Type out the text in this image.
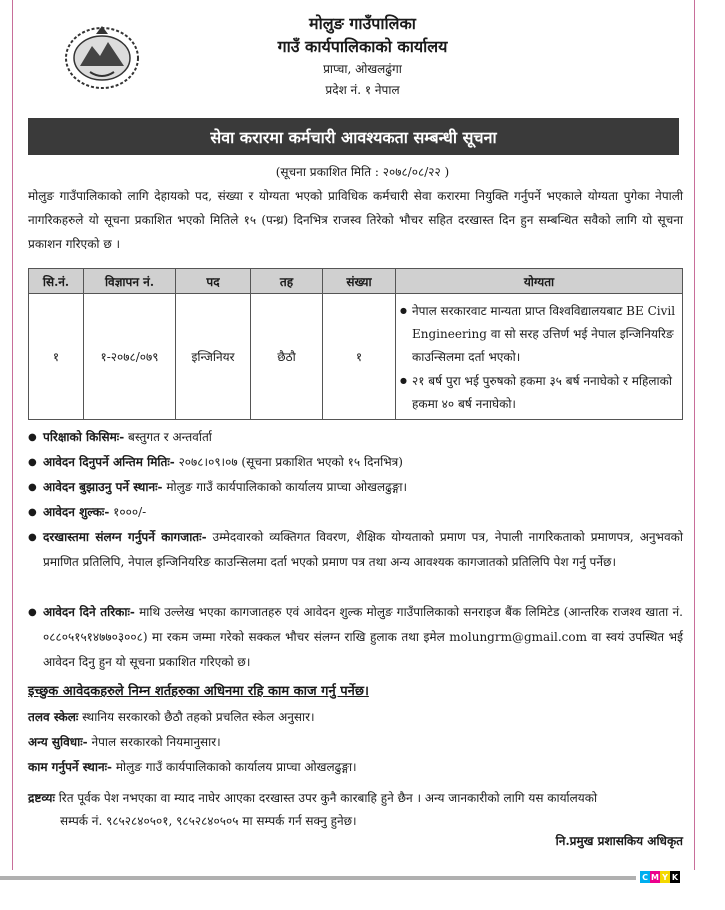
मोलुङ गाउँपालिका
गाउँ कार्यपालिकाको कार्यालय
प्राप्चा, ओखलढुंगा
प्रदेश नं. १ नेपाल
सेवा करारमा कर्मचारी आवश्यकता सम्बन्धी सूचना
(सूचना प्रकाशित मिति : २०७८/०८/२२ )
मोलुङ गाउँपालिकाको लागि देहायको पद, संख्या र योग्यता भएको प्राविधिक कर्मचारी सेवा करारमा नियुक्ति गर्नुपर्ने भएकाले योग्यता पुगेका नेपाली नागरिकहरुले यो सूचना प्रकाशित भएको मितिले १५ (पन्ध्र) दिनभित्र राजस्व तिरेको भौचर सहित दरखास्त दिन हुन सम्बन्धित सवैको लागि यो सूचना प्रकाशन गरिएको छ ।
सि.नं.	विज्ञापन नं.	पद	तह	संख्या	योग्यता
१	१-२०७८/०७९	इन्जिनियर	छैठौ	१	● नेपाल सरकारवाट मान्यता प्राप्त विश्वविद्यालयबाट BE Civil Engineering वा सो सरह उत्तिर्ण भई नेपाल इन्जिनियरिङ काउन्सिलमा दर्ता भएको।
● २१ बर्ष पुरा भई पुरुषको हकमा ३५ बर्ष ननाघेको र महिलाको हकमा ४० बर्ष ननाघेको।
● परिक्षाको किसिमः- बस्तुगत र अन्तर्वार्ता
● आवेदन दिनुपर्ने अन्तिम मितिः- २०७८।०९।०७ (सूचना प्रकाशित भएको १५ दिनभित्र)
● आवेदन बुझाउनु पर्ने स्थानः- मोलुङ गाउँ कार्यपालिकाको कार्यालय प्राप्चा ओखलढुङ्गा।
● आवेदन शुल्कः- १०००/-
● दरखास्तमा संलग्न गर्नुपर्ने कागजातः- उम्मेदवारको व्यक्तिगत विवरण, शैक्षिक योग्यताको प्रमाण पत्र, नेपाली नागरिकताको प्रमाणपत्र, अनुभवको प्रमाणित प्रतिलिपि, नेपाल इन्जिनियरिङ काउन्सिलमा दर्ता भएको प्रमाण पत्र तथा अन्य आवश्यक कागजातको प्रतिलिपि पेश गर्नु पर्नेछ।
● आवेदन दिने तरिकाः- माथि उल्लेख भएका कागजातहरु एवं आवेदन शुल्क मोलुङ गाउँपालिकाको सनराइज बैंक लिमिटेड (आन्तरिक राजश्व खाता नं. ०८८०५१५१४७७०३००८) मा रकम जम्मा गरेको सक्कल भौचर संलग्न राखि हुलाक तथा इमेल molungrm@gmail.com वा स्वयं उपस्थित भई आवेदन दिनु हुन यो सूचना प्रकाशित गरिएको छ।
इच्छुक आवेदकहरुले निम्न शर्तहरुका अधिनमा रहि काम काज गर्नु पर्नेछ।
तलव स्केलः स्थानिय सरकारको छैठौ तहको प्रचलित स्केल अनुसार।
अन्य सुविधाः- नेपाल सरकारको नियमानुसार।
काम गर्नुपर्ने स्थानः- मोलुङ गाउँ कार्यपालिकाको कार्यालय प्राप्चा ओखलढुङ्गा।
द्रष्टव्यः रित पूर्वक पेश नभएका वा म्याद नाघेर आएका दरखास्त उपर कुनै कारबाहि हुने छैन । अन्य जानकारीको लागि यस कार्यालयको
सम्पर्क नं. ९८५२८४०५०१, ९८५२८४०५०५ मा सम्पर्क गर्न सक्नु हुनेछ।
नि.प्रमुख प्रशासकिय अधिकृत
C M Y K
